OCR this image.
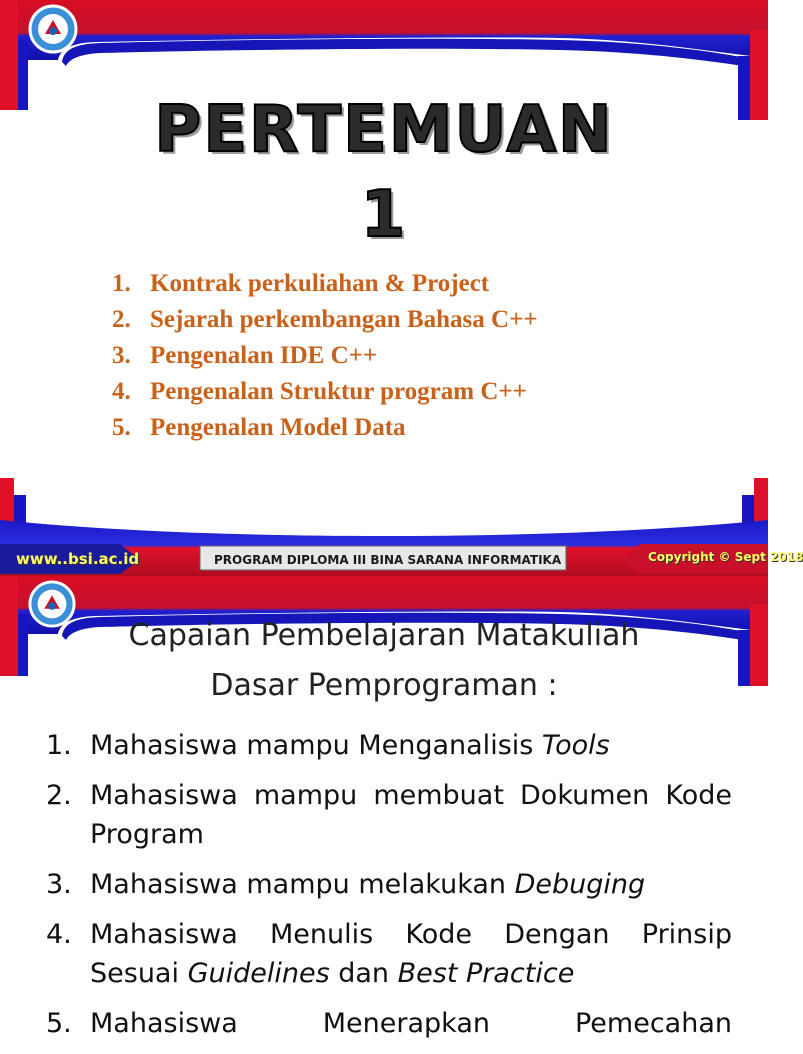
PERTEMUAN
1
1. Kontrak perkuliahan & Project
2. Sejarah perkembangan Bahasa C++
3. Pengenalan IDE C++
4. Pengenalan Struktur program C++
5. Pengenalan Model Data
www..bsi.ac.id	PROGRAM DIPLOMA III BINA SARANA INFORMATIKA	Copyright © Sept 2018
Capaian Pembelajaran Matakuliah
Dasar Pemprograman :
1. Mahasiswa mampu Menganalisis Tools
2. Mahasiswa mampu membuat Dokumen Kode Program
3. Mahasiswa mampu melakukan Debuging
4. Mahasiswa Menulis Kode Dengan Prinsip Sesuai Guidelines dan Best Practice
5. Mahasiswa Menerapkan Pemecahan
